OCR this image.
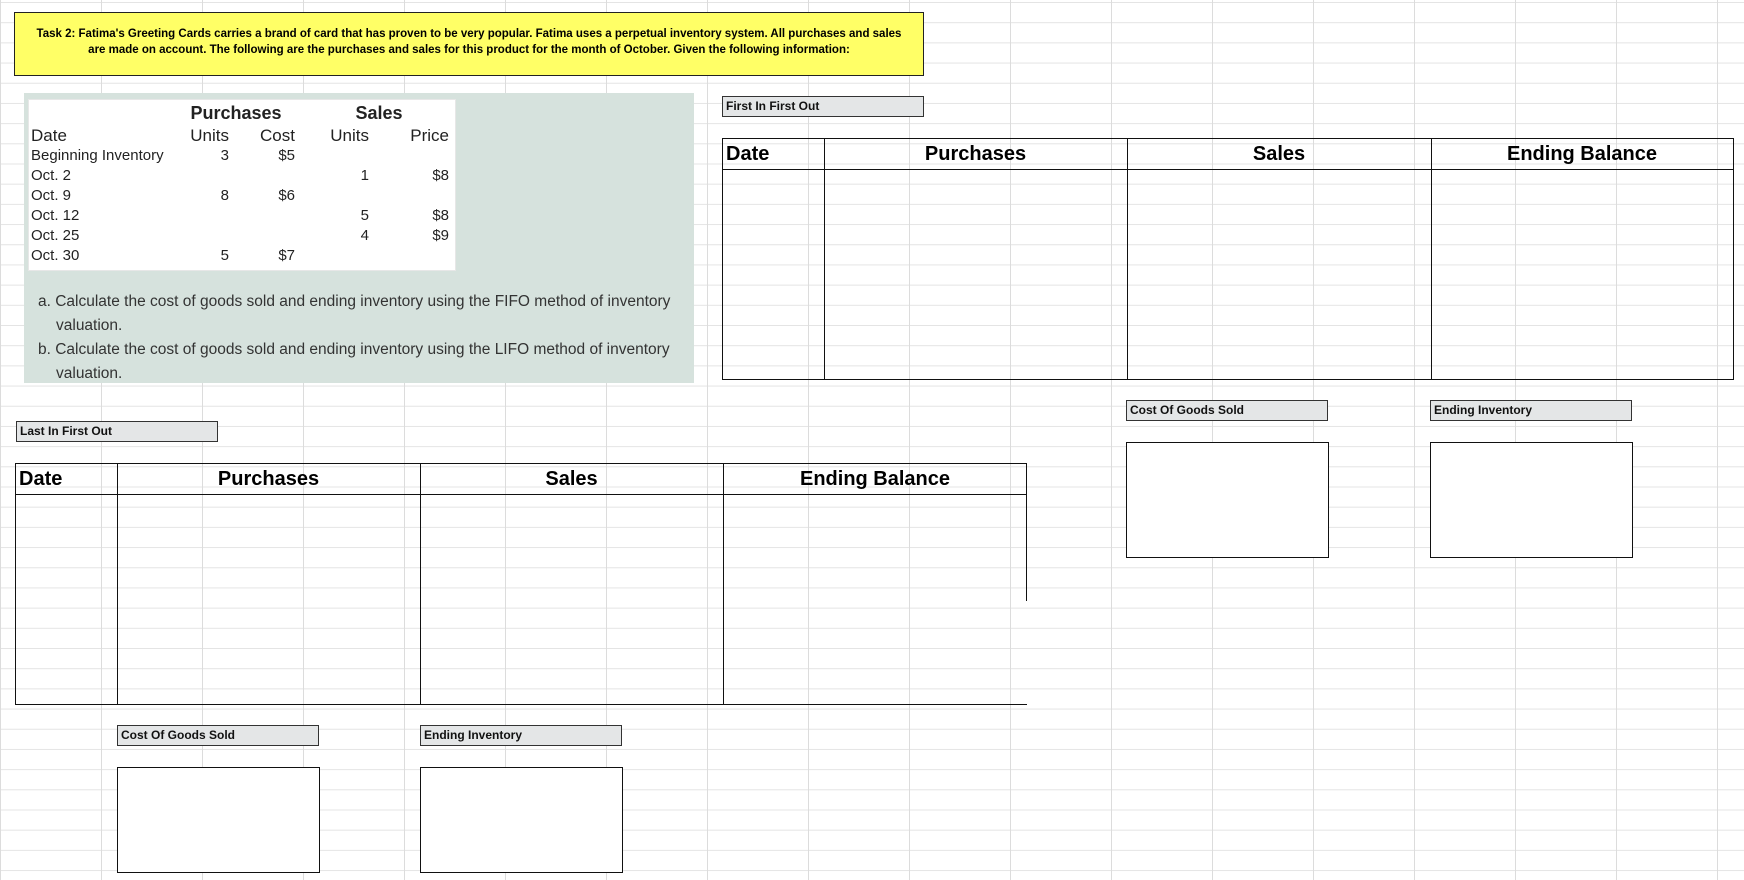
Task 2: Fatima's Greeting Cards carries a brand of card that has proven to be very popular. Fatima uses a perpetual inventory system. All purchases and sales are made on account. The following are the purchases and sales for this product for the month of October. Given the following information:
	Purchases		Sales	
Date	Units	Cost	Units	Price
Beginning Inventory	3	$5		
Oct. 2			1	$8
Oct. 9	8	$6		
Oct. 12			5	$8
Oct. 25			4	$9
Oct. 30	5	$7		
a. Calculate the cost of goods sold and ending inventory using the FIFO method of inventory valuation.
b. Calculate the cost of goods sold and ending inventory using the LIFO method of inventory valuation.
First In First Out
Date	Purchases	Sales	Ending Balance
Cost Of Goods Sold	Ending Inventory
Last In First Out
Date	Purchases	Sales	Ending Balance
Cost Of Goods Sold	Ending Inventory
